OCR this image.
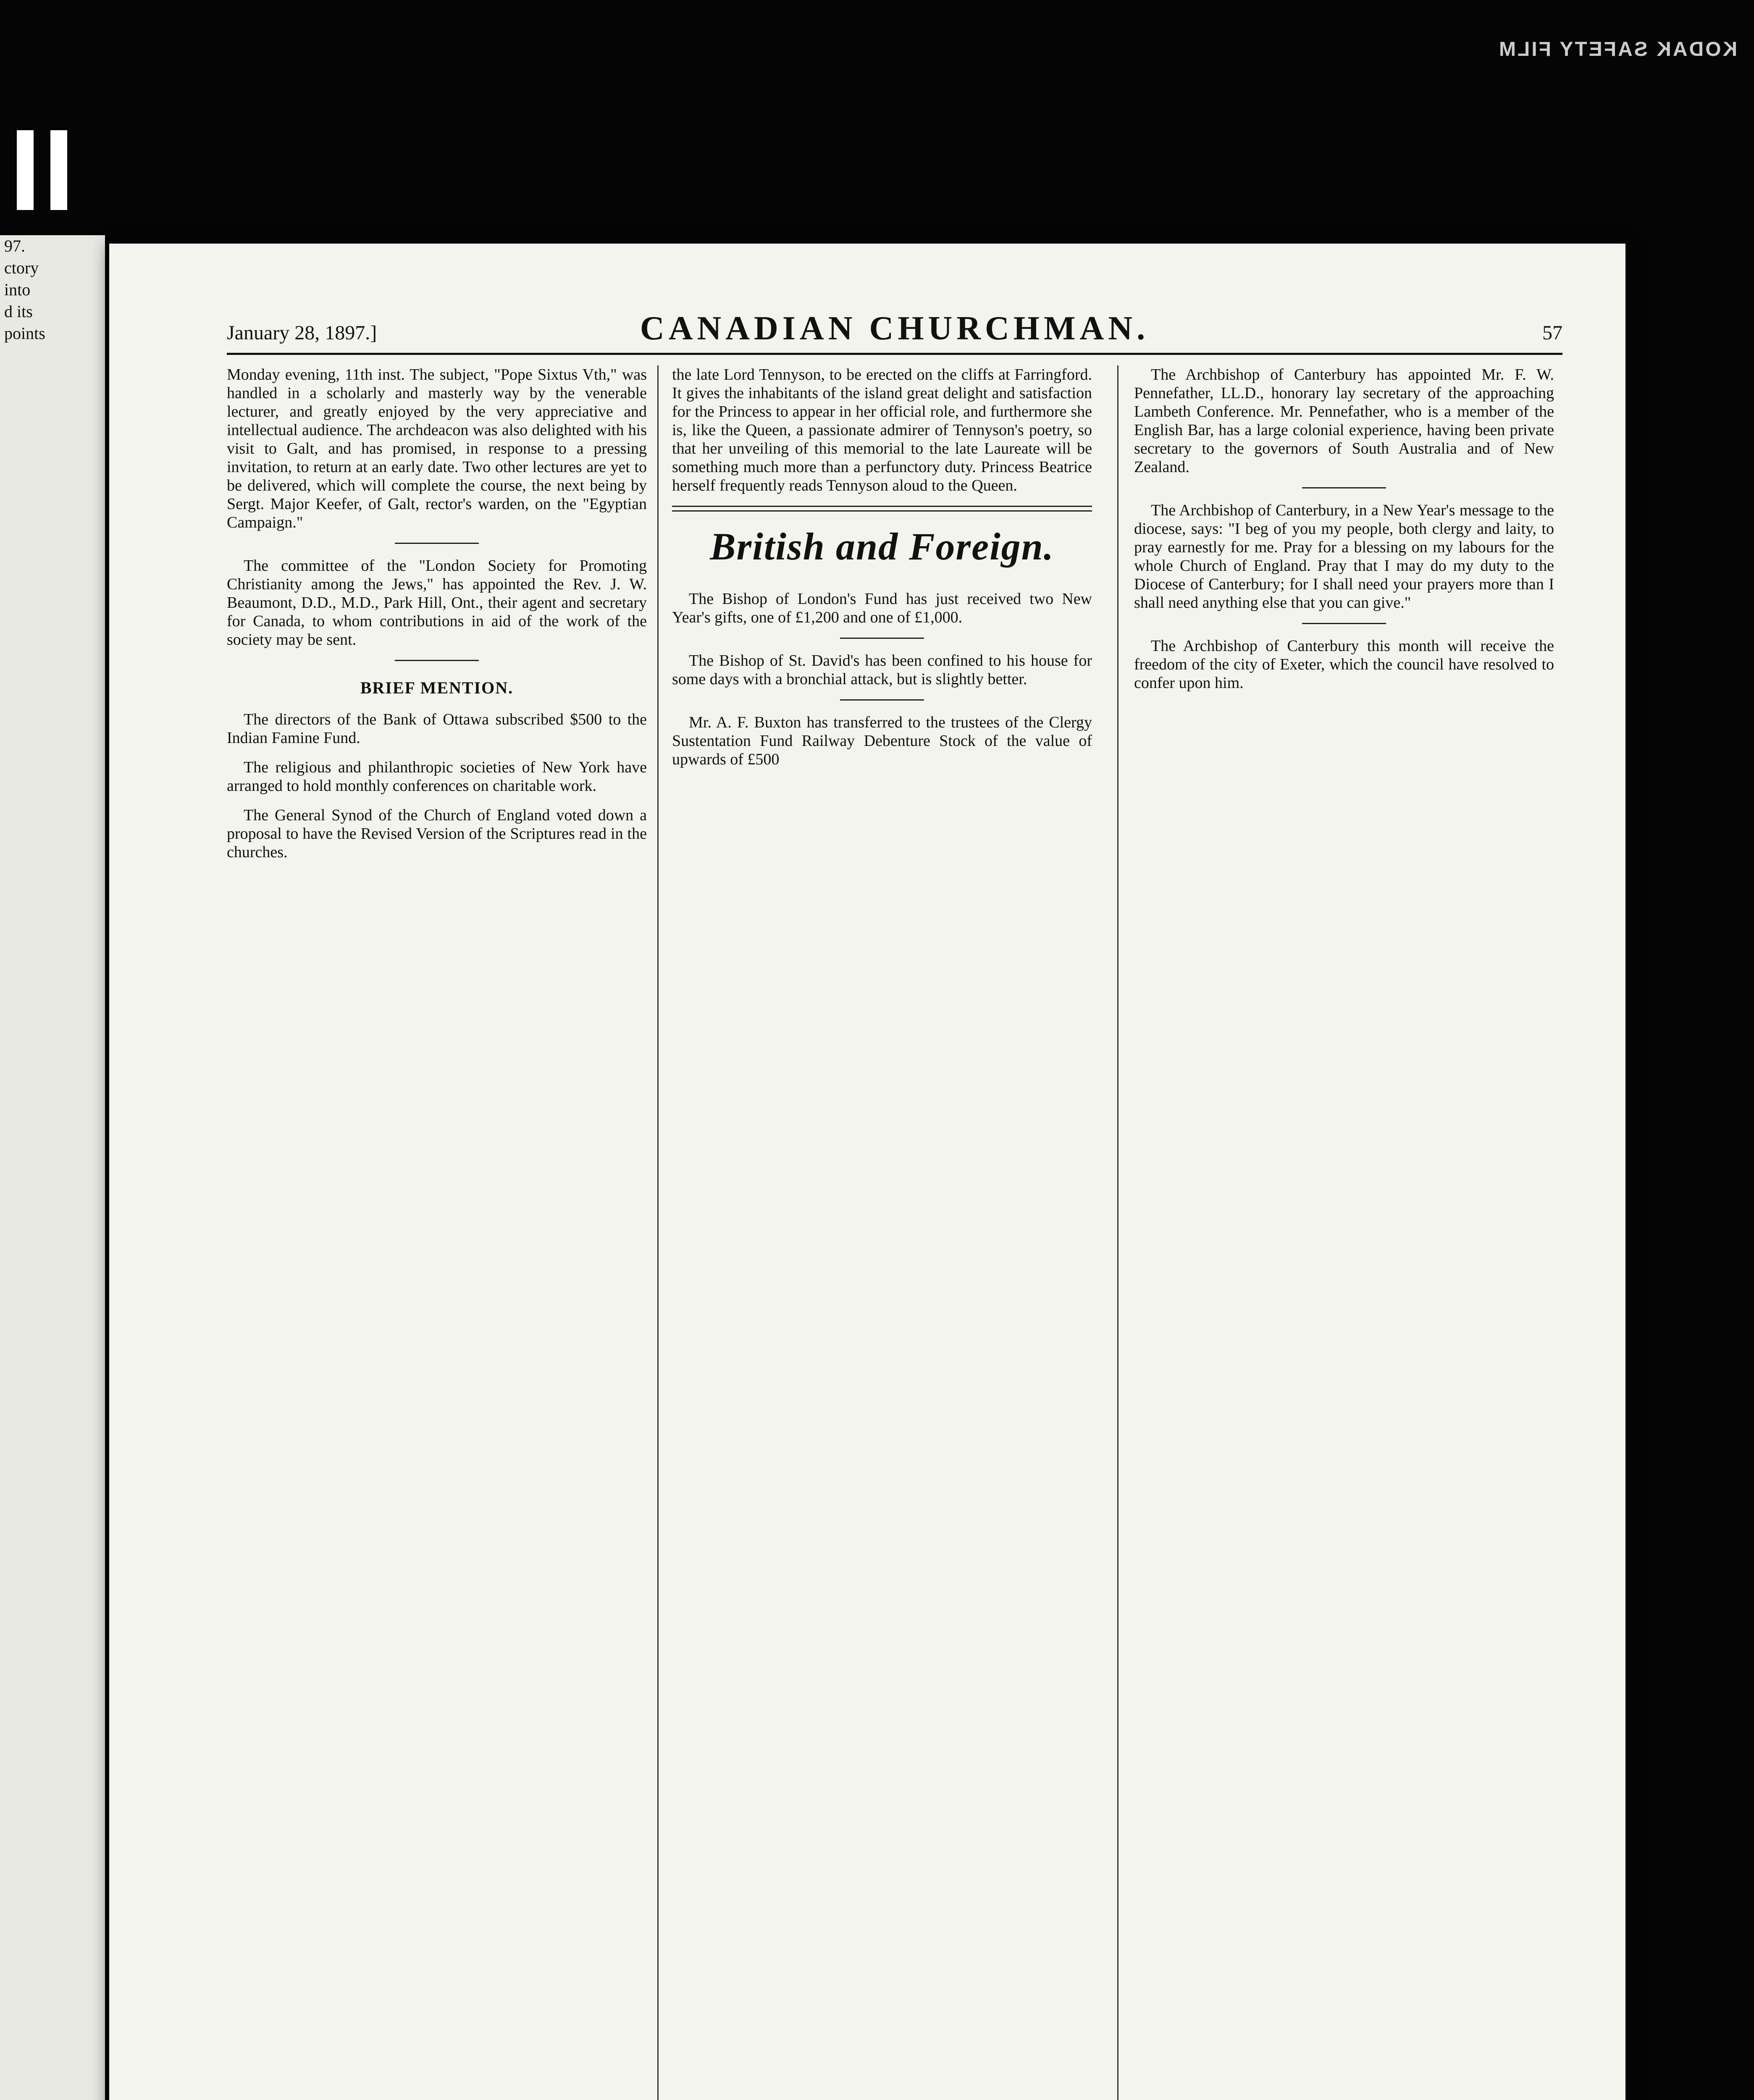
KODAK SAFETY FILM
97.
ctory
into
d its
points	January 28, 1897.]	CANADIAN CHURCHMAN.	57

Monday evening, 11th inst. The subject, "Pope Sixtus Vth," was handled in a scholarly and masterly way by the venerable lecturer, and greatly enjoyed by the very appreciative and intellectual audience. The archdeacon was also delighted with his visit to Galt, and has promised, in response to a pressing invitation, to return at an early date. Two other lectures are yet to be delivered, which will complete the course, the next being by Sergt. Major Keefer, of Galt, rector's warden, on the "Egyptian Campaign."

The committee of the "London Society for Promoting Christianity among the Jews," has appointed the Rev. J. W. Beaumont, D.D., M.D., Park Hill, Ont., their agent and secretary for Canada, to whom contributions in aid of the work of the society may be sent.

BRIEF MENTION.

The directors of the Bank of Ottawa subscribed $500 to the Indian Famine Fund.

The religious and philanthropic societies of New York have arranged to hold monthly conferences on charitable work.

The General Synod of the Church of England voted down a proposal to have the Revised Version of the Scriptures read in the churches.

the late Lord Tennyson, to be erected on the cliffs at Farringford. It gives the inhabitants of the island great delight and satisfaction for the Princess to appear in her official role, and furthermore she is, like the Queen, a passionate admirer of Tennyson's poetry, so that her unveiling of this memorial to the late Laureate will be something much more than a perfunctory duty. Princess Beatrice herself frequently reads Tennyson aloud to the Queen.

British and Foreign.

The Bishop of London's Fund has just received two New Year's gifts, one of £1,200 and one of £1,000.

The Bishop of St. David's has been confined to his house for some days with a bronchial attack, but is slightly better.

Mr. A. F. Buxton has transferred to the trustees of the Clergy Sustentation Fund Railway Debenture Stock of the value of upwards of £500

The Archbishop of Canterbury has appointed Mr. F. W. Pennefather, LL.D., honorary lay secretary of the approaching Lambeth Conference. Mr. Pennefather, who is a member of the English Bar, has a large colonial experience, having been private secretary to the governors of South Australia and of New Zealand.

The Archbishop of Canterbury, in a New Year's message to the diocese, says: "I beg of you my people, both clergy and laity, to pray earnestly for me. Pray for a blessing on my labours for the whole Church of England. Pray that I may do my duty to the Diocese of Canterbury; for I shall need your prayers more than I shall need anything else that you can give."

The Archbishop of Canterbury this month will receive the freedom of the city of Exeter, which the council have resolved to confer upon him.
